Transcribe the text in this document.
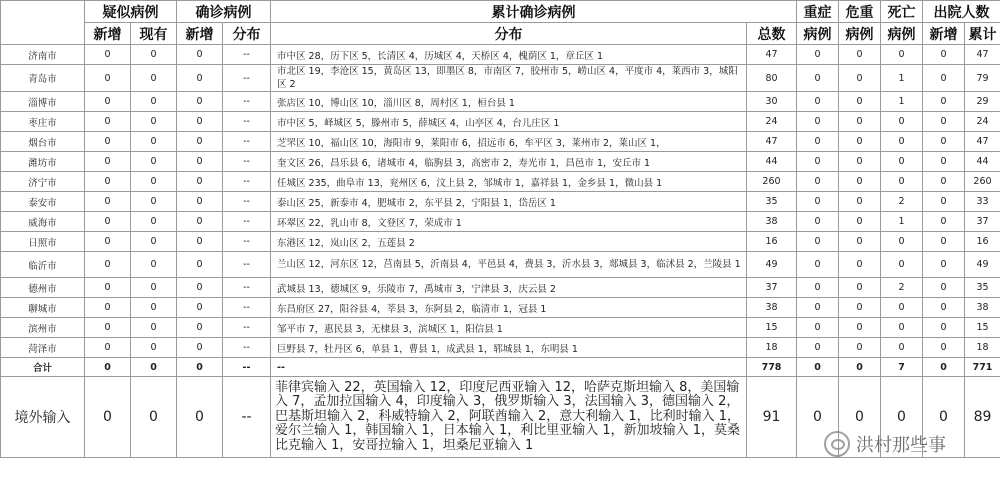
	疑似病例		确诊病例		累计确诊病例		重症	危重	死亡	出院人数	
	新增	现有	新增	分布	分布	总数	病例	病例	病例	新增	累计
济南市	0	0	0	--	市中区 28，历下区 5，长清区 4，历城区 4，天桥区 4，槐荫区 1，章丘区 1	47	0	0	0	0	47
青岛市	0	0	0	--	市北区 19，李沧区 15，黄岛区 13，即墨区 8，市南区 7，胶州市 5，崂山区 4，平度市 4，莱西市 3，城阳区 2	80	0	0	1	0	79
淄博市	0	0	0	--	张店区 10，博山区 10，淄川区 8，周村区 1，桓台县 1	30	0	0	1	0	29
枣庄市	0	0	0	--	市中区 5，峄城区 5，滕州市 5，薛城区 4，山亭区 4，台儿庄区 1	24	0	0	0	0	24
烟台市	0	0	0	--	芝罘区 10，福山区 10，海阳市 9，莱阳市 6，招远市 6，牟平区 3，莱州市 2，莱山区 1，	47	0	0	0	0	47
潍坊市	0	0	0	--	奎文区 26，昌乐县 6，诸城市 4，临朐县 3，高密市 2，寿光市 1，昌邑市 1，安丘市 1	44	0	0	0	0	44
济宁市	0	0	0	--	任城区 235，曲阜市 13，兖州区 6，汶上县 2，邹城市 1，嘉祥县 1，金乡县 1，微山县 1	260	0	0	0	0	260
泰安市	0	0	0	--	泰山区 25，新泰市 4，肥城市 2，东平县 2，宁阳县 1，岱岳区 1	35	0	0	2	0	33
威海市	0	0	0	--	环翠区 22，乳山市 8，文登区 7，荣成市 1	38	0	0	1	0	37
日照市	0	0	0	--	东港区 12，岚山区 2，五莲县 2	16	0	0	0	0	16
临沂市	0	0	0	--	兰山区 12，河东区 12，莒南县 5，沂南县 4，平邑县 4，费县 3，沂水县 3，郯城县 3，临沭县 2，兰陵县 1	49	0	0	0	0	49
德州市	0	0	0	--	武城县 13，德城区 9，乐陵市 7，禹城市 3，宁津县 3，庆云县 2	37	0	0	2	0	35
聊城市	0	0	0	--	东昌府区 27，阳谷县 4，莘县 3，东阿县 2，临清市 1，冠县 1	38	0	0	0	0	38
滨州市	0	0	0	--	邹平市 7，惠民县 3，无棣县 3，滨城区 1，阳信县 1	15	0	0	0	0	15
菏泽市	0	0	0	--	巨野县 7，牡丹区 6，单县 1，曹县 1，成武县 1，郓城县 1，东明县 1	18	0	0	0	0	18
合计	0	0	0	--	--	778	0	0	7	0	771
境外输入	0	0	0	--	菲律宾输入 22，英国输入 12，印度尼西亚输入 12，哈萨克斯坦输入 8，美国输入 7，孟加拉国输入 4，印度输入 3，俄罗斯输入 3，法国输入 3，德国输入 2，巴基斯坦输入 2，科威特输入 2，阿联酋输入 2，意大利输入 1，比利时输入 1，爱尔兰输入 1，韩国输入 1，日本输入 1，利比里亚输入 1，新加坡输入 1，莫桑比克输入 1，安哥拉输入 1，坦桑尼亚输入 1	91	0	0	0	0	89
洪村那些事
